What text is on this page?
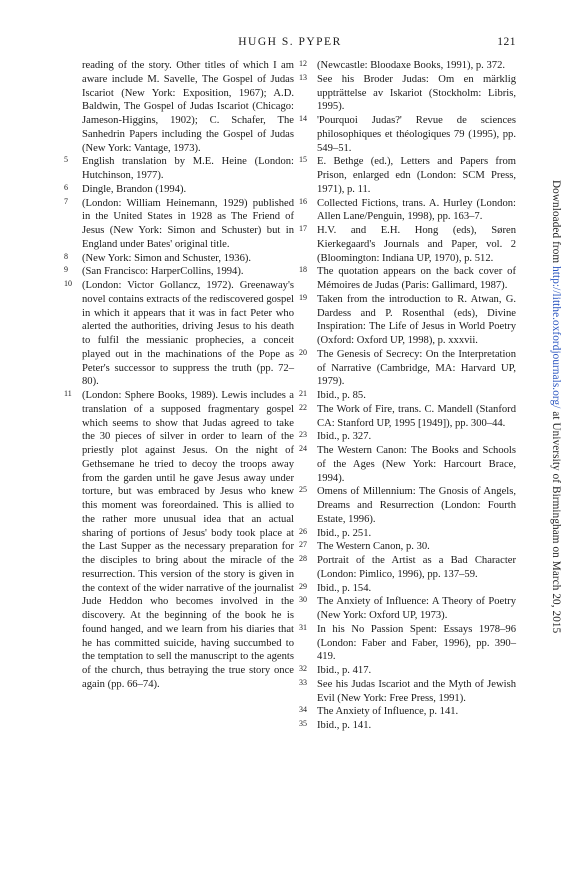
HUGH S. PYPER	121
reading of the story. Other titles of which I am aware include M. Savelle, The Gospel of Judas Iscariot (New York: Exposition, 1967); A.D. Baldwin, The Gospel of Judas Iscariot (Chicago: Jameson-Higgins, 1902); C. Schafer, The Sanhedrin Papers including the Gospel of Judas (New York: Vantage, 1973).
5 English translation by M.E. Heine (London: Hutchinson, 1977).
6 Dingle, Brandon (1994).
7 (London: William Heinemann, 1929) published in the United States in 1928 as The Friend of Jesus (New York: Simon and Schuster) but in England under Bates' original title.
8 (New York: Simon and Schuster, 1936).
9 (San Francisco: HarperCollins, 1994).
10 (London: Victor Gollancz, 1972). Greenaway's novel contains extracts of the rediscovered gospel in which it appears that it was in fact Peter who alerted the authorities, driving Jesus to his death to fulfil the messianic prophecies, a conceit played out in the machinations of the Pope as Peter's successor to suppress the truth (pp. 72–80).
11 (London: Sphere Books, 1989). Lewis includes a translation of a supposed fragmentary gospel which seems to show that Judas agreed to take the 30 pieces of silver in order to learn of the priestly plot against Jesus. On the night of Gethsemane he tried to decoy the troops away from the garden until he gave Jesus away under torture, but was embraced by Jesus who knew this moment was foreordained. This is allied to the rather more unusual idea that an actual sharing of portions of Jesus' body took place at the Last Supper as the necessary preparation for the disciples to bring about the miracle of the resurrection. This version of the story is given in the context of the wider narrative of the journalist Jude Heddon who becomes involved in the discovery. At the beginning of the book he is found hanged, and we learn from his diaries that he has committed suicide, having succumbed to the temptation to sell the manuscript to the agents of the church, thus betraying the true story once again (pp. 66–74).
12 (Newcastle: Bloodaxe Books, 1991), p. 372.
13 See his Broder Judas: Om en märklig uppträttelse av Iskariot (Stockholm: Libris, 1995).
14 'Pourquoi Judas?' Revue de sciences philosophiques et théologiques 79 (1995), pp. 549–51.
15 E. Bethge (ed.), Letters and Papers from Prison, enlarged edn (London: SCM Press, 1971), p. 11.
16 Collected Fictions, trans. A. Hurley (London: Allen Lane/Penguin, 1998), pp. 163–7.
17 H.V. and E.H. Hong (eds), Søren Kierkegaard's Journals and Paper, vol. 2 (Bloomington: Indiana UP, 1970), p. 512.
18 The quotation appears on the back cover of Mémoires de Judas (Paris: Gallimard, 1987).
19 Taken from the introduction to R. Atwan, G. Dardess and P. Rosenthal (eds), Divine Inspiration: The Life of Jesus in World Poetry (Oxford: Oxford UP, 1998), p. xxxvii.
20 The Genesis of Secrecy: On the Interpretation of Narrative (Cambridge, MA: Harvard UP, 1979).
21 Ibid., p. 85.
22 The Work of Fire, trans. C. Mandell (Stanford CA: Stanford UP, 1995 [1949]), pp. 300–44.
23 Ibid., p. 327.
24 The Western Canon: The Books and Schools of the Ages (New York: Harcourt Brace, 1994).
25 Omens of Millennium: The Gnosis of Angels, Dreams and Resurrection (London: Fourth Estate, 1996).
26 Ibid., p. 251.
27 The Western Canon, p. 30.
28 Portrait of the Artist as a Bad Character (London: Pimlico, 1996), pp. 137–59.
29 Ibid., p. 154.
30 The Anxiety of Influence: A Theory of Poetry (New York: Oxford UP, 1973).
31 In his No Passion Spent: Essays 1978–96 (London: Faber and Faber, 1996), pp. 390–419.
32 Ibid., p. 417.
33 See his Judas Iscariot and the Myth of Jewish Evil (New York: Free Press, 1991).
34 The Anxiety of Influence, p. 141.
35 Ibid., p. 141.
Downloaded from http://litthe.oxfordjournals.org/ at University of Birmingham on March 20, 2015
